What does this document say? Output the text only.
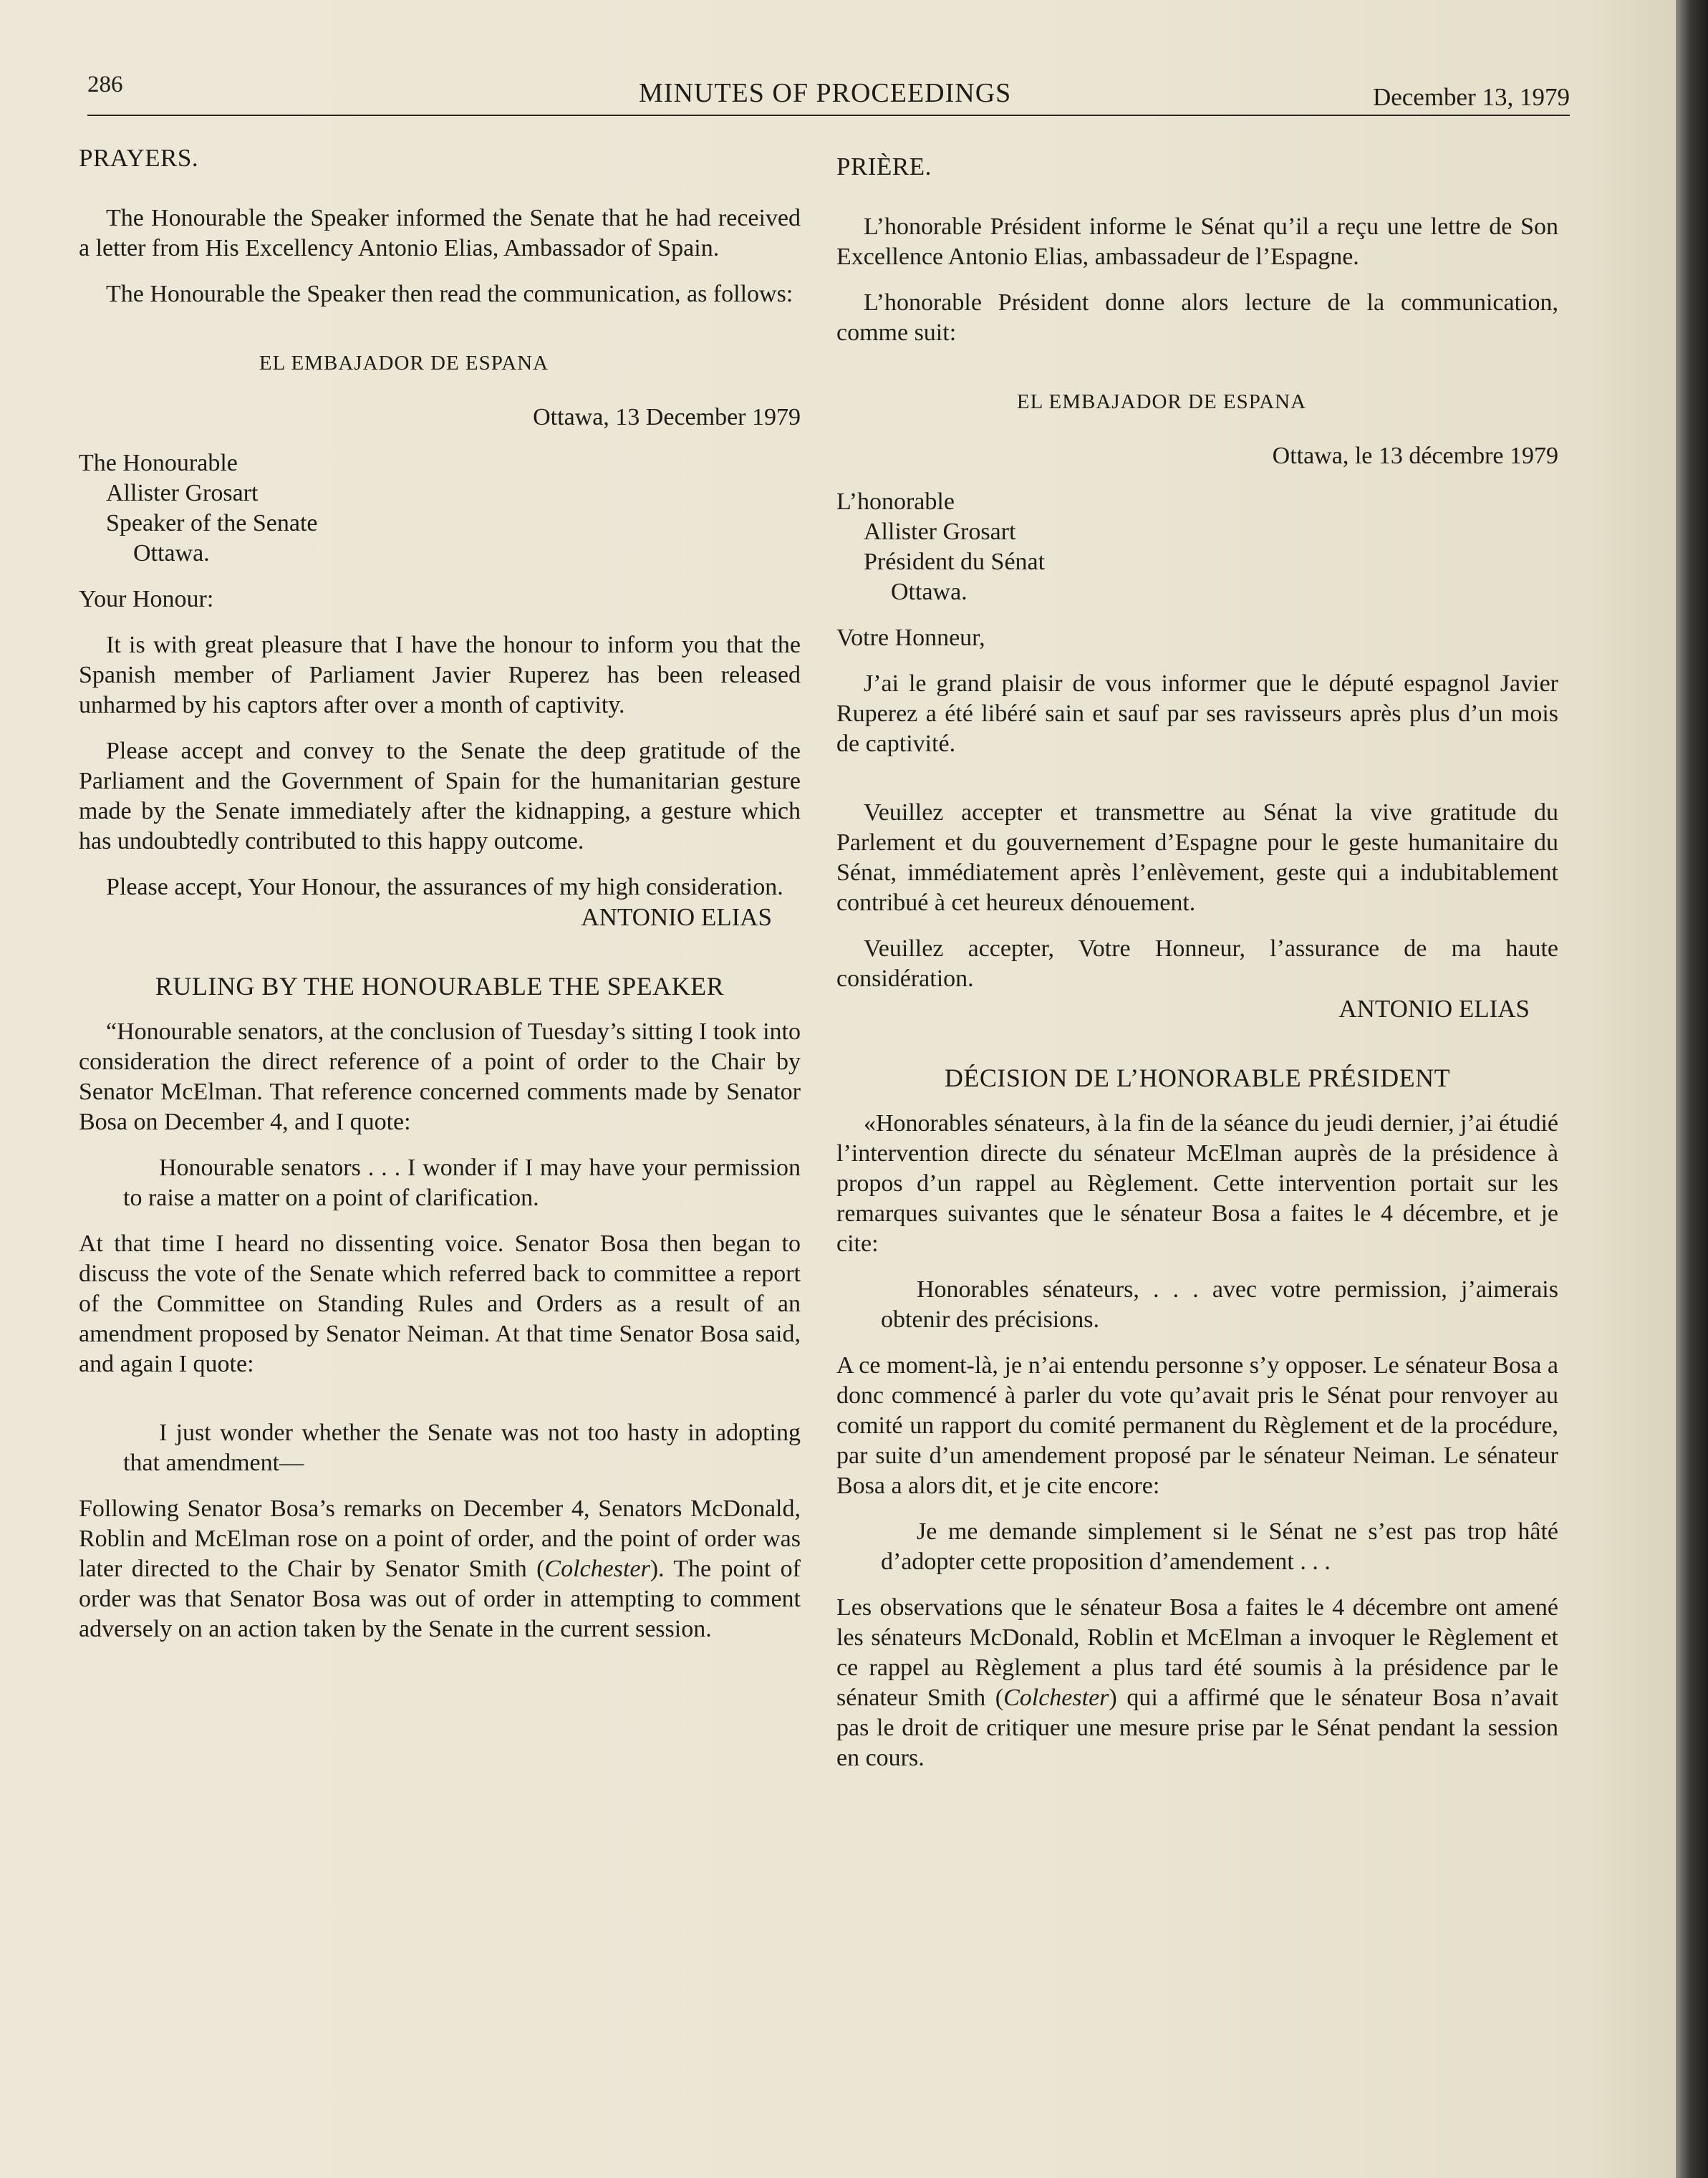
286	MINUTES OF PROCEEDINGS	December 13, 1979

PRAYERS.

The Honourable the Speaker informed the Senate that he had received a letter from His Excellency Antonio Elias, Ambassador of Spain.

The Honourable the Speaker then read the communication, as follows:

EL EMBAJADOR DE ESPANA

Ottawa, 13 December 1979

The Honourable

Allister Grosart

Speaker of the Senate

Ottawa.

Your Honour:

It is with great pleasure that I have the honour to inform you that the Spanish member of Parliament Javier Ruperez has been released unharmed by his captors after over a month of captivity.

Please accept and convey to the Senate the deep gratitude of the Parliament and the Government of Spain for the humanitarian gesture made by the Senate immediately after the kidnapping, a gesture which has undoubtedly contributed to this happy outcome.

Please accept, Your Honour, the assurances of my high consideration.

ANTONIO ELIAS

RULING BY THE HONOURABLE THE SPEAKER

“Honourable senators, at the conclusion of Tuesday’s sitting I took into consideration the direct reference of a point of order to the Chair by Senator McElman. That reference concerned comments made by Senator Bosa on December 4, and I quote:

Honourable senators . . . I wonder if I may have your permission to raise a matter on a point of clarification.

At that time I heard no dissenting voice. Senator Bosa then began to discuss the vote of the Senate which referred back to committee a report of the Committee on Standing Rules and Orders as a result of an amendment proposed by Senator Neiman. At that time Senator Bosa said, and again I quote:

I just wonder whether the Senate was not too hasty in adopting that amendment—

Following Senator Bosa’s remarks on December 4, Senators McDonald, Roblin and McElman rose on a point of order, and the point of order was later directed to the Chair by Senator Smith (Colchester). The point of order was that Senator Bosa was out of order in attempting to comment adversely on an action taken by the Senate in the current session.

PRIÈRE.

L’honorable Président informe le Sénat qu’il a reçu une lettre de Son Excellence Antonio Elias, ambassadeur de l’Espagne.

L’honorable Président donne alors lecture de la communication, comme suit:

EL EMBAJADOR DE ESPANA

Ottawa, le 13 décembre 1979

L’honorable

Allister Grosart

Président du Sénat

Ottawa.

Votre Honneur,

J’ai le grand plaisir de vous informer que le député espagnol Javier Ruperez a été libéré sain et sauf par ses ravisseurs après plus d’un mois de captivité.

Veuillez accepter et transmettre au Sénat la vive gratitude du Parlement et du gouvernement d’Espagne pour le geste humanitaire du Sénat, immédiatement après l’enlèvement, geste qui a indubitablement contribué à cet heureux dénouement.

Veuillez accepter, Votre Honneur, l’assurance de ma haute considération.

ANTONIO ELIAS

DÉCISION DE L’HONORABLE PRÉSIDENT

«Honorables sénateurs, à la fin de la séance du jeudi dernier, j’ai étudié l’intervention directe du sénateur McElman auprès de la présidence à propos d’un rappel au Règlement. Cette intervention portait sur les remarques suivantes que le sénateur Bosa a faites le 4 décembre, et je cite:

Honorables sénateurs, . . . avec votre permission, j’aimerais obtenir des précisions.

A ce moment-là, je n’ai entendu personne s’y opposer. Le sénateur Bosa a donc commencé à parler du vote qu’avait pris le Sénat pour renvoyer au comité un rapport du comité permanent du Règlement et de la procédure, par suite d’un amendement proposé par le sénateur Neiman. Le sénateur Bosa a alors dit, et je cite encore:

Je me demande simplement si le Sénat ne s’est pas trop hâté d’adopter cette proposition d’amendement . . .

Les observations que le sénateur Bosa a faites le 4 décembre ont amené les sénateurs McDonald, Roblin et McElman a invoquer le Règlement et ce rappel au Règlement a plus tard été soumis à la présidence par le sénateur Smith (Colchester) qui a affirmé que le sénateur Bosa n’avait pas le droit de critiquer une mesure prise par le Sénat pendant la session en cours.
